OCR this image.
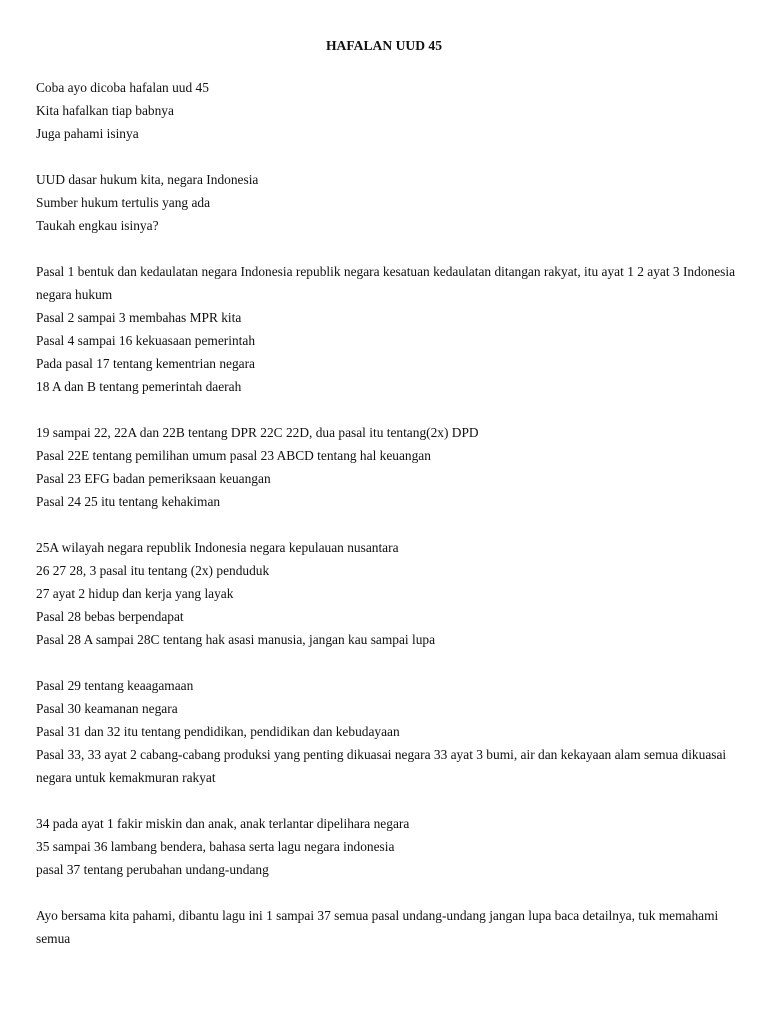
HAFALAN UUD 45
Coba ayo dicoba hafalan uud 45
Kita hafalkan tiap babnya
Juga pahami isinya
UUD dasar hukum kita, negara Indonesia
Sumber hukum tertulis yang ada
Taukah engkau isinya?
Pasal 1 bentuk dan kedaulatan negara Indonesia republik negara kesatuan kedaulatan ditangan rakyat, itu ayat 1 2 ayat 3 Indonesia negara hukum
Pasal 2 sampai 3 membahas MPR kita
Pasal 4 sampai 16 kekuasaan pemerintah
Pada pasal 17 tentang kementrian negara
18 A dan B tentang pemerintah daerah
19 sampai 22, 22A dan 22B tentang DPR 22C 22D, dua pasal itu tentang(2x) DPD
Pasal 22E tentang pemilihan umum pasal 23 ABCD tentang hal keuangan
Pasal 23 EFG badan pemeriksaan keuangan
Pasal 24 25 itu tentang kehakiman
25A wilayah negara republik Indonesia negara kepulauan nusantara
26 27 28, 3 pasal itu tentang (2x) penduduk
27 ayat 2 hidup dan kerja yang layak
Pasal 28 bebas berpendapat
Pasal 28 A sampai 28C tentang hak asasi manusia, jangan kau sampai lupa
Pasal 29 tentang keaagamaan
Pasal 30 keamanan negara
Pasal 31 dan 32 itu tentang pendidikan, pendidikan dan kebudayaan
Pasal 33, 33 ayat 2 cabang-cabang produksi yang penting dikuasai negara 33 ayat 3 bumi, air dan kekayaan alam semua dikuasai negara untuk kemakmuran rakyat
34 pada ayat 1 fakir miskin dan anak, anak terlantar dipelihara negara
35 sampai 36 lambang bendera, bahasa serta lagu negara indonesia
pasal 37 tentang perubahan undang-undang
Ayo bersama kita pahami, dibantu lagu ini 1 sampai 37 semua pasal undang-undang jangan lupa baca detailnya, tuk memahami semua
